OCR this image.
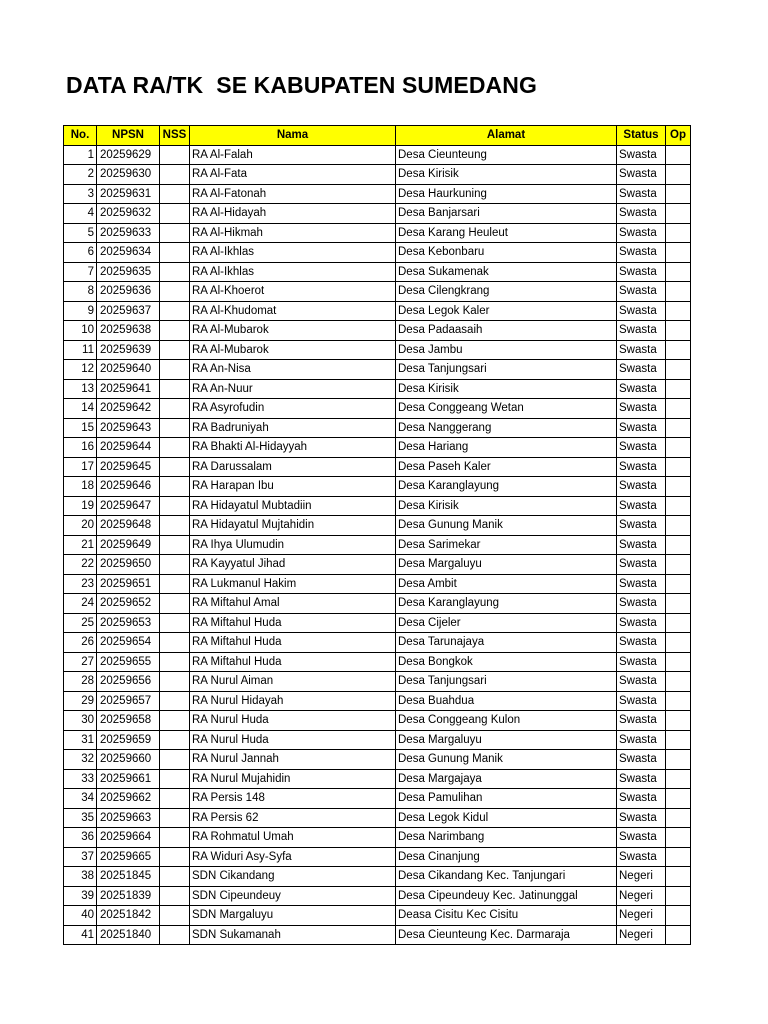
DATA RA/TK  SE KABUPATEN SUMEDANG
No.	NPSN	NSS	Nama	Alamat	Status	Op
1	20259629		RA Al-Falah	Desa Cieunteung	Swasta	
2	20259630		RA Al-Fata	Desa Kirisik	Swasta	
3	20259631		RA Al-Fatonah	Desa Haurkuning	Swasta	
4	20259632		RA Al-Hidayah	Desa Banjarsari	Swasta	
5	20259633		RA Al-Hikmah	Desa Karang Heuleut	Swasta	
6	20259634		RA Al-Ikhlas	Desa Kebonbaru	Swasta	
7	20259635		RA Al-Ikhlas	Desa Sukamenak	Swasta	
8	20259636		RA Al-Khoerot	Desa Cilengkrang	Swasta	
9	20259637		RA Al-Khudomat	Desa Legok Kaler	Swasta	
10	20259638		RA Al-Mubarok	Desa Padaasaih	Swasta	
11	20259639		RA Al-Mubarok	Desa Jambu	Swasta	
12	20259640		RA An-Nisa	Desa Tanjungsari	Swasta	
13	20259641		RA An-Nuur	Desa Kirisik	Swasta	
14	20259642		RA Asyrofudin	Desa Conggeang Wetan	Swasta	
15	20259643		RA Badruniyah	Desa Nanggerang	Swasta	
16	20259644		RA Bhakti Al-Hidayyah	Desa Hariang	Swasta	
17	20259645		RA Darussalam	Desa Paseh Kaler	Swasta	
18	20259646		RA Harapan Ibu	Desa Karanglayung	Swasta	
19	20259647		RA Hidayatul Mubtadiin	Desa Kirisik	Swasta	
20	20259648		RA Hidayatul Mujtahidin	Desa Gunung Manik	Swasta	
21	20259649		RA Ihya Ulumudin	Desa Sarimekar	Swasta	
22	20259650		RA Kayyatul Jihad	Desa Margaluyu	Swasta	
23	20259651		RA Lukmanul Hakim	Desa Ambit	Swasta	
24	20259652		RA Miftahul Amal	Desa Karanglayung	Swasta	
25	20259653		RA Miftahul Huda	Desa Cijeler	Swasta	
26	20259654		RA Miftahul Huda	Desa Tarunajaya	Swasta	
27	20259655		RA Miftahul Huda	Desa Bongkok	Swasta	
28	20259656		RA Nurul Aiman	Desa Tanjungsari	Swasta	
29	20259657		RA Nurul Hidayah	Desa Buahdua	Swasta	
30	20259658		RA Nurul Huda	Desa Conggeang Kulon	Swasta	
31	20259659		RA Nurul Huda	Desa Margaluyu	Swasta	
32	20259660		RA Nurul Jannah	Desa Gunung Manik	Swasta	
33	20259661		RA Nurul Mujahidin	Desa Margajaya	Swasta	
34	20259662		RA Persis 148	Desa Pamulihan	Swasta	
35	20259663		RA Persis 62	Desa Legok Kidul	Swasta	
36	20259664		RA Rohmatul Umah	Desa Narimbang	Swasta	
37	20259665		RA Widuri Asy-Syfa	Desa Cinanjung	Swasta	
38	20251845		SDN Cikandang	Desa Cikandang Kec. Tanjungari	Negeri	
39	20251839		SDN Cipeundeuy	Desa Cipeundeuy Kec. Jatinunggal	Negeri	
40	20251842		SDN Margaluyu	Deasa Cisitu Kec Cisitu	Negeri	
41	20251840		SDN Sukamanah	Desa Cieunteung Kec. Darmaraja	Negeri	
